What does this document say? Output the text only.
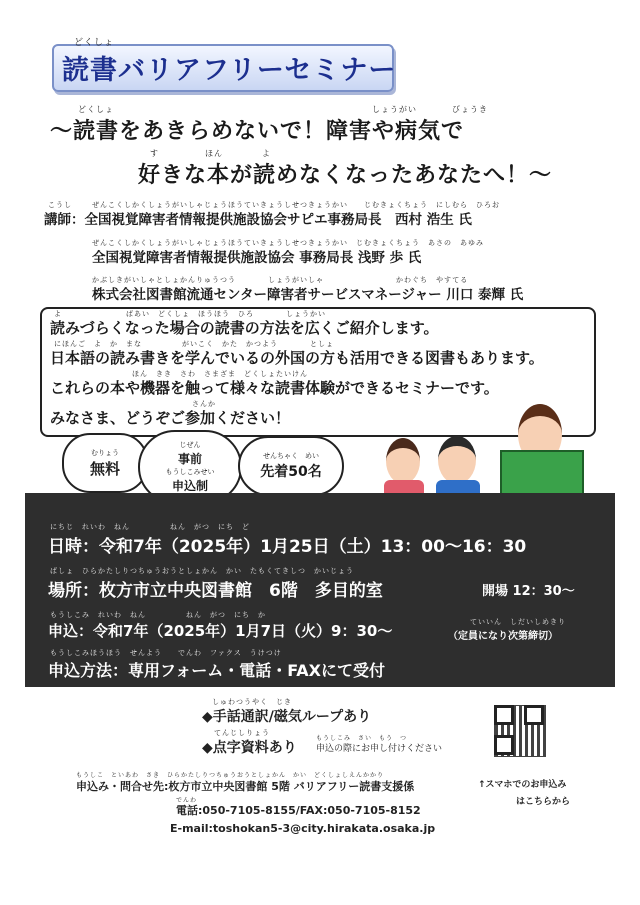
どくしょ
読書バリアフリーセミナー
どくしょ	しょうがい	びょうき
〜読書をあきらめないで！障害や病気で
す	ほん	よ
好きな本が読めなくなったあなたへ！〜
こうし	ぜんこくしかくしょうがいしゃじょうほうていきょうしせつきょうかい　　じむきょくちょう　にしむら　ひろお
講師：全国視覚障害者情報提供施設協会サピエ事務局長　西村 浩生 氏
ぜんこくしかくしょうがいしゃじょうほうていきょうしせつきょうかい　じむきょくちょう　あさの　あゆみ
全国視覚障害者情報提供施設協会 事務局長 浅野 歩 氏
かぶしきがいしゃとしょかんりゅうつう　　　　しょうがいしゃ　　　　　　　　　かわぐち　やすてる
株式会社図書館流通センター障害者サービスマネージャー 川口 泰輝 氏
よ　　　　　　　　ばあい　どくしょ　ほうほう　ひろ　　　　しょうかい
読みづらくなった場合の読書の方法を広くご紹介します。
にほんご　よ　か　まな　　　　　がいこく　かた　かつよう　　　　としょ
日本語の読み書きを学んでいるの外国の方も活用できる図書もあります。
ほん　きき　さわ　さまざま　どくしょたいけん
これらの本や機器を触って様々な読書体験ができるセミナーです。
さんか
みなさま、どうぞご参加ください！
むりょう
無料
じぜん
事前
もうしこみせい
申込制
せんちゃく　めい
先着50名
にちじ　れいわ　ねん　　　　　ねん　がつ　にち　ど
日時：令和7年（2025年）1月25日（土）13：00〜16：30
ばしょ　ひらかたしりつちゅうおうとしょかん　かい　たもくてきしつ　かいじょう
場所：枚方市立中央図書館　6階　多目的室	開場 12：30〜
もうしこみ　れいわ　ねん　　　　　ねん　がつ　にち　か
申込：令和7年（2025年）1月7日（火）9：30〜	ていいん　しだいしめきり
（定員になり次第締切）
もうしこみほうほう　せんよう　　でんわ　ファクス　うけつけ
申込方法：専用フォーム・電話・FAXにて受付
しゅわつうやく　じき
◆手話通訳/磁気ループあり
てんじしりょう
◆点字資料あり
もうしこみ　さい　もう　つ
申込の際にお申し付けください
↑スマホでのお申込み
はこちらから
もうしこ　といあわ　さき　ひらかたしりつちゅうおうとしょかん　かい　どくしょしえんかかり
申込み・問合せ先:枚方市立中央図書館 5階 バリアフリー読書支援係
でんわ
電話:050-7105-8155/FAX:050-7105-8152
E-mail:toshokan5-3@city.hirakata.osaka.jp
